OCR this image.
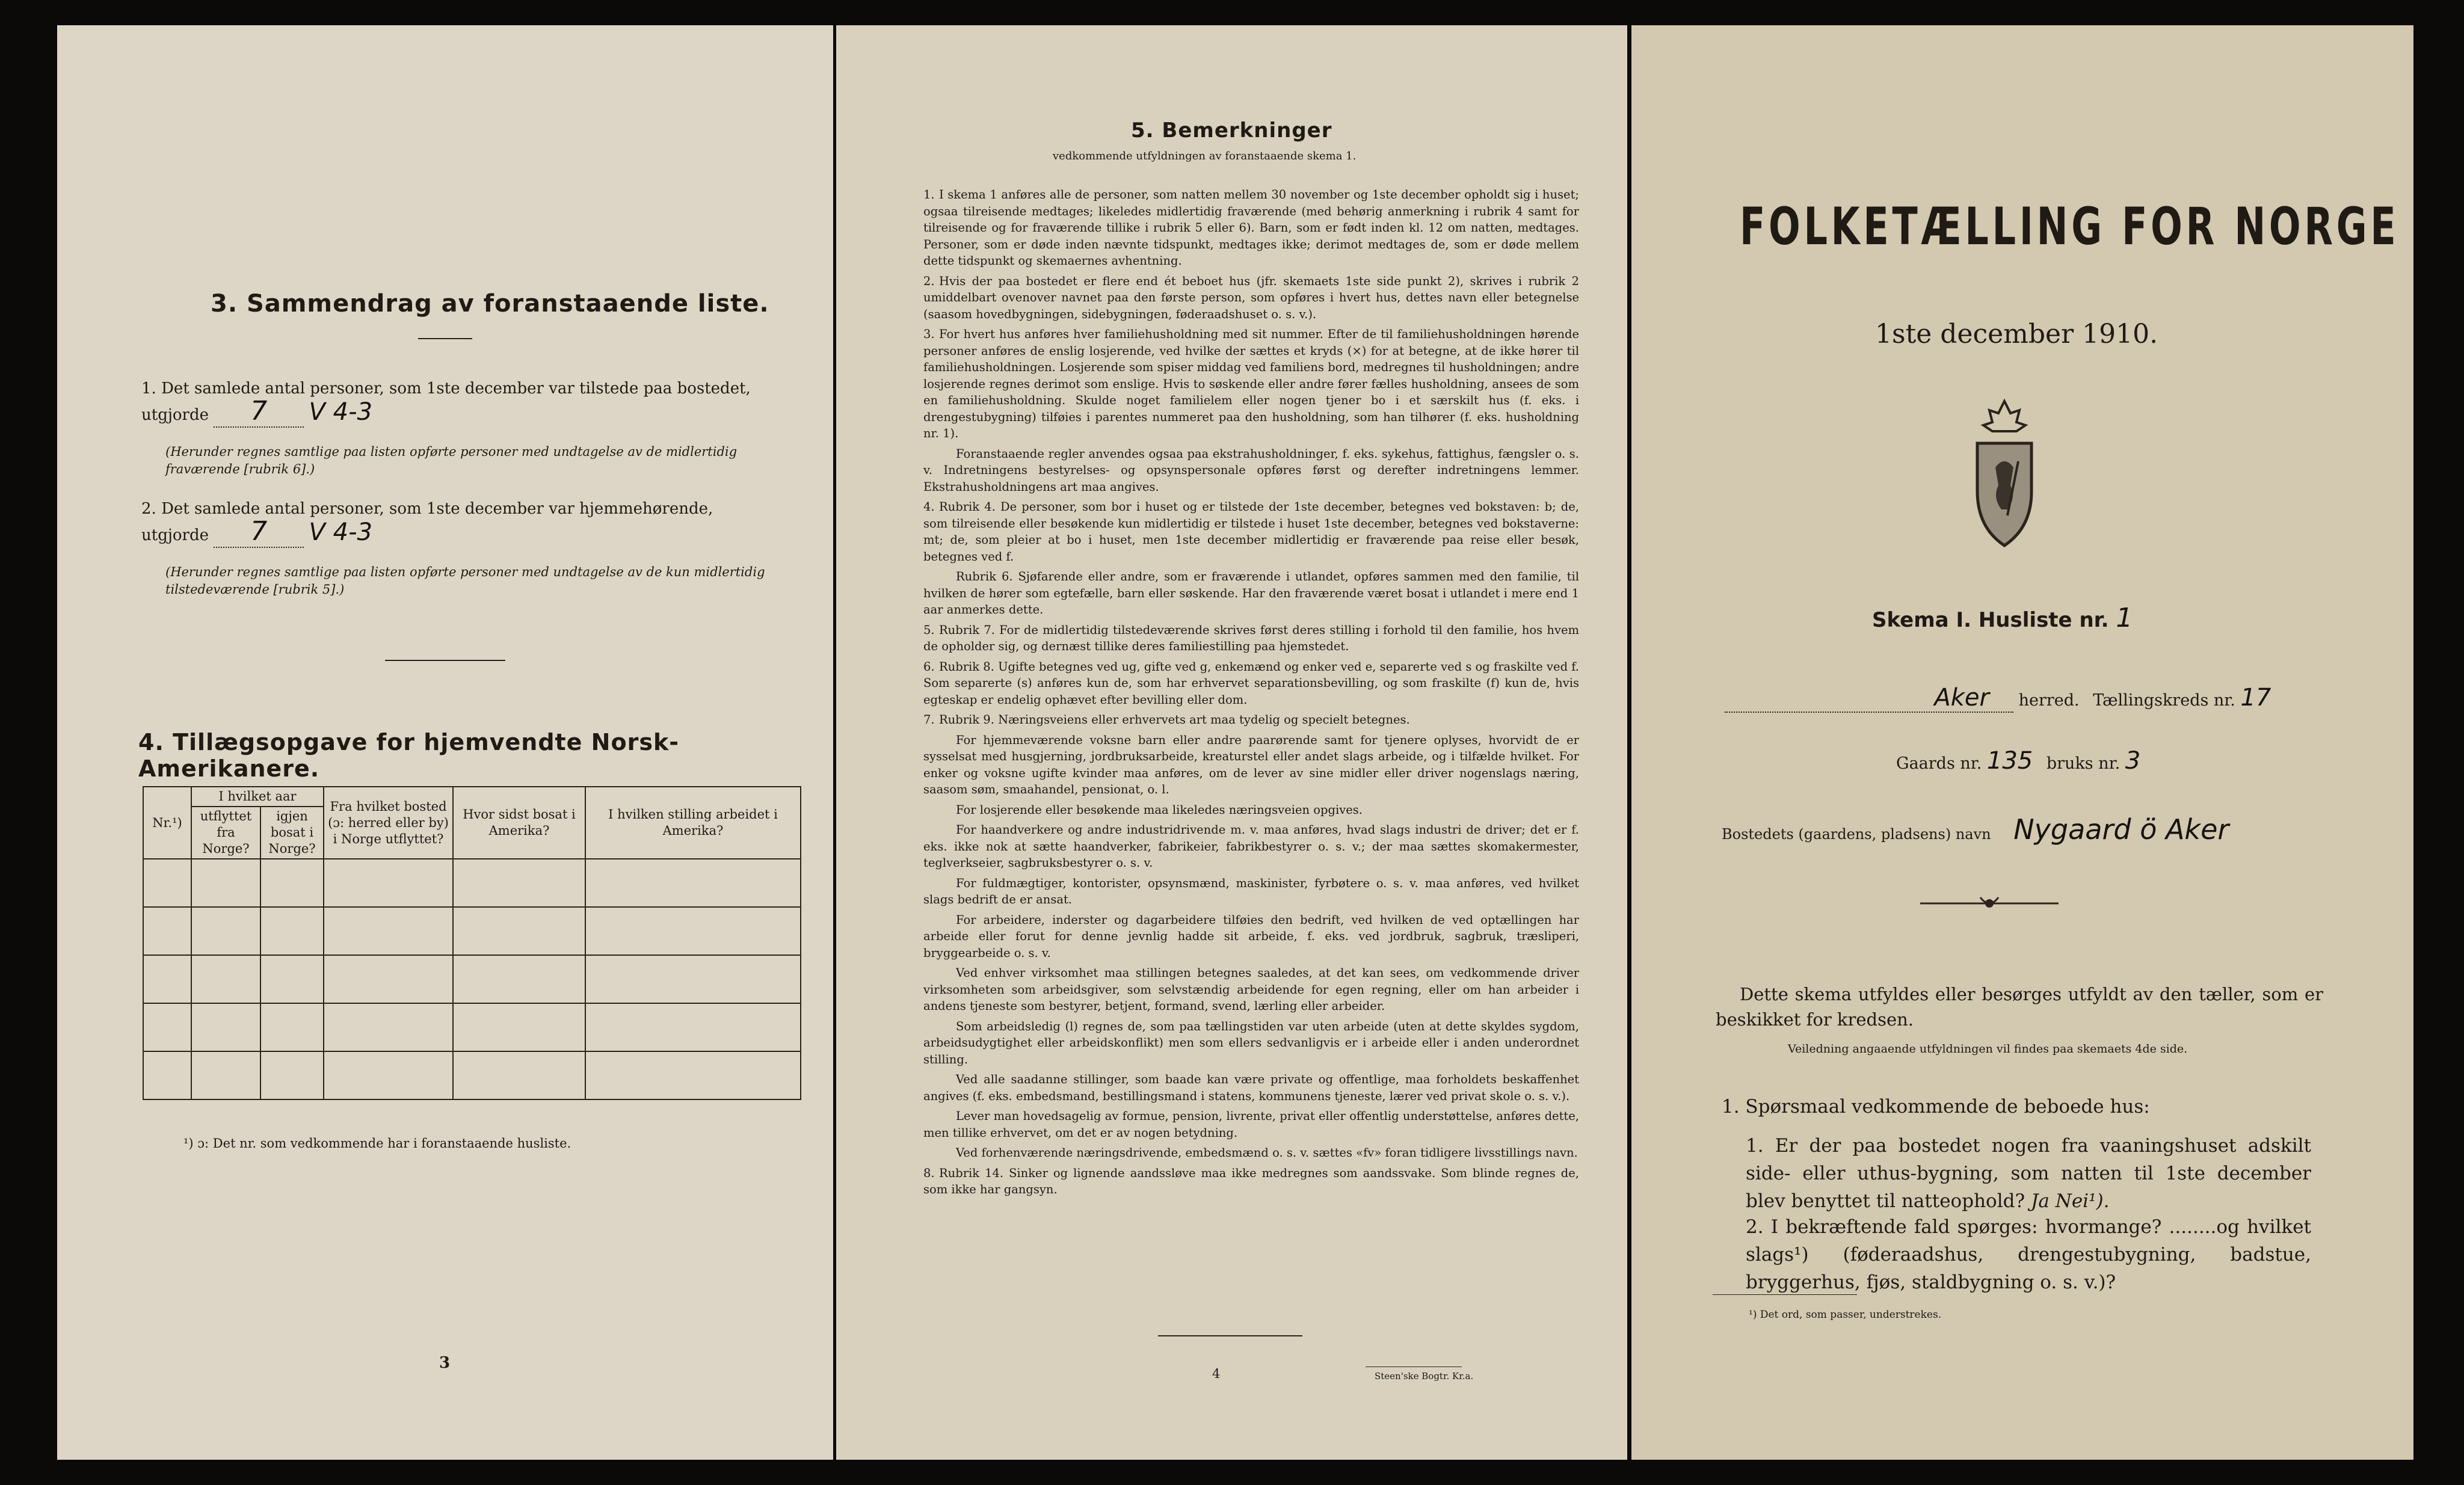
3. Sammendrag av foranstaaende liste.
1. Det samlede antal personer, som 1ste december var tilstede paa bostedet, utgjorde 7 V 4-3
(Herunder regnes samtlige paa listen opførte personer med undtagelse av de midlertidig fraværende [rubrik 6].)
2. Det samlede antal personer, som 1ste december var hjemmehørende, utgjorde 7 V 4-3
(Herunder regnes samtlige paa listen opførte personer med undtagelse av de kun midlertidig tilstedeværende [rubrik 5].)
4. Tillægsopgave for hjemvendte Norsk-Amerikanere.
Nr.¹)	I hvilket aar		Fra hvilket bosted (ɔ: herred eller by) i Norge utflyttet?	Hvor sidst bosat i Amerika?	I hvilken stilling arbeidet i Amerika?
	utflyttet fra Norge?	igjen bosat i Norge?			

¹) ɔ: Det nr. som vedkommende har i foranstaaende husliste.
3
5. Bemerkninger
vedkommende utfyldningen av foranstaaende skema 1.

1. I skema 1 anføres alle de personer, som natten mellem 30 november og 1ste december opholdt sig i huset; ogsaa tilreisende medtages; likeledes midlertidig fraværende (med behørig anmerkning i rubrik 4 samt for tilreisende og for fraværende tillike i rubrik 5 eller 6). Barn, som er født inden kl. 12 om natten, medtages. Personer, som er døde inden nævnte tidspunkt, medtages ikke; derimot medtages de, som er døde mellem dette tidspunkt og skemaernes avhentning.

2. Hvis der paa bostedet er flere end ét beboet hus (jfr. skemaets 1ste side punkt 2), skrives i rubrik 2 umiddelbart ovenover navnet paa den første person, som opføres i hvert hus, dettes navn eller betegnelse (saasom hovedbygningen, sidebygningen, føderaadshuset o. s. v.).

3. For hvert hus anføres hver familiehusholdning med sit nummer. Efter de til familiehusholdningen hørende personer anføres de enslig losjerende, ved hvilke der sættes et kryds (×) for at betegne, at de ikke hører til familiehusholdningen. Losjerende som spiser middag ved familiens bord, medregnes til husholdningen; andre losjerende regnes derimot som enslige. Hvis to søskende eller andre fører fælles husholdning, ansees de som en familiehusholdning. Skulde noget familielem eller nogen tjener bo i et særskilt hus (f. eks. i drengestubygning) tilføies i parentes nummeret paa den husholdning, som han tilhører (f. eks. husholdning nr. 1).

Foranstaaende regler anvendes ogsaa paa ekstrahusholdninger, f. eks. sykehus, fattighus, fængsler o. s. v. Indretningens bestyrelses- og opsynspersonale opføres først og derefter indretningens lemmer. Ekstrahusholdningens art maa angives.

4. Rubrik 4. De personer, som bor i huset og er tilstede der 1ste december, betegnes ved bokstaven: b; de, som tilreisende eller besøkende kun midlertidig er tilstede i huset 1ste december, betegnes ved bokstaverne: mt; de, som pleier at bo i huset, men 1ste december midlertidig er fraværende paa reise eller besøk, betegnes ved f.

Rubrik 6. Sjøfarende eller andre, som er fraværende i utlandet, opføres sammen med den familie, til hvilken de hører som egtefælle, barn eller søskende. Har den fraværende været bosat i utlandet i mere end 1 aar anmerkes dette.

5. Rubrik 7. For de midlertidig tilstedeværende skrives først deres stilling i forhold til den familie, hos hvem de opholder sig, og dernæst tillike deres familiestilling paa hjemstedet.

6. Rubrik 8. Ugifte betegnes ved ug, gifte ved g, enkemænd og enker ved e, separerte ved s og fraskilte ved f. Som separerte (s) anføres kun de, som har erhvervet separationsbevilling, og som fraskilte (f) kun de, hvis egteskap er endelig ophævet efter bevilling eller dom.

7. Rubrik 9. Næringsveiens eller erhvervets art maa tydelig og specielt betegnes.

For hjemmeværende voksne barn eller andre paarørende samt for tjenere oplyses, hvorvidt de er sysselsat med husgjerning, jordbruksarbeide, kreaturstel eller andet slags arbeide, og i tilfælde hvilket. For enker og voksne ugifte kvinder maa anføres, om de lever av sine midler eller driver nogenslags næring, saasom søm, smaahandel, pensionat, o. l.

For losjerende eller besøkende maa likeledes næringsveien opgives.

For haandverkere og andre industridrivende m. v. maa anføres, hvad slags industri de driver; det er f. eks. ikke nok at sætte haandverker, fabrikeier, fabrikbestyrer o. s. v.; der maa sættes skomakermester, teglverkseier, sagbruksbestyrer o. s. v.

For fuldmægtiger, kontorister, opsynsmænd, maskinister, fyrbøtere o. s. v. maa anføres, ved hvilket slags bedrift de er ansat.

For arbeidere, inderster og dagarbeidere tilføies den bedrift, ved hvilken de ved optællingen har arbeide eller forut for denne jevnlig hadde sit arbeide, f. eks. ved jordbruk, sagbruk, træsliperi, bryggearbeide o. s. v.

Ved enhver virksomhet maa stillingen betegnes saaledes, at det kan sees, om vedkommende driver virksomheten som arbeidsgiver, som selvstændig arbeidende for egen regning, eller om han arbeider i andens tjeneste som bestyrer, betjent, formand, svend, lærling eller arbeider.

Som arbeidsledig (l) regnes de, som paa tællingstiden var uten arbeide (uten at dette skyldes sygdom, arbeidsudygtighet eller arbeidskonflikt) men som ellers sedvanligvis er i arbeide eller i anden underordnet stilling.

Ved alle saadanne stillinger, som baade kan være private og offentlige, maa forholdets beskaffenhet angives (f. eks. embedsmand, bestillingsmand i statens, kommunens tjeneste, lærer ved privat skole o. s. v.).

Lever man hovedsagelig av formue, pension, livrente, privat eller offentlig understøttelse, anføres dette, men tillike erhvervet, om det er av nogen betydning.

Ved forhenværende næringsdrivende, embedsmænd o. s. v. sættes «fv» foran tidligere livsstillings navn.

8. Rubrik 14. Sinker og lignende aandssløve maa ikke medregnes som aandssvake. Som blinde regnes de, som ikke har gangsyn.

4	Steen'ske Bogtr. Kr.a.
FOLKETÆLLING FOR NORGE
1ste december 1910.
Skema I. Husliste nr. 1
Aker herred. Tællingskreds nr. 17
Gaards nr. 135 bruks nr. 3
Bostedets (gaardens, pladsens) navn Nygaard ö Aker
Dette skema utfyldes eller besørges utfyldt av den tæller, som er beskikket for kredsen.
Veiledning angaaende utfyldningen vil findes paa skemaets 4de side.
1. Spørsmaal vedkommende de beboede hus:
1. Er der paa bostedet nogen fra vaaningshuset adskilt side- eller uthus-bygning, som natten til 1ste december blev benyttet til natteophold? Ja Nei¹).
2. I bekræftende fald spørges: hvormange? ........og hvilket slags¹) (føderaadshus, drengestubygning, badstue, bryggerhus, fjøs, staldbygning o. s. v.)?
¹) Det ord, som passer, understrekes.
